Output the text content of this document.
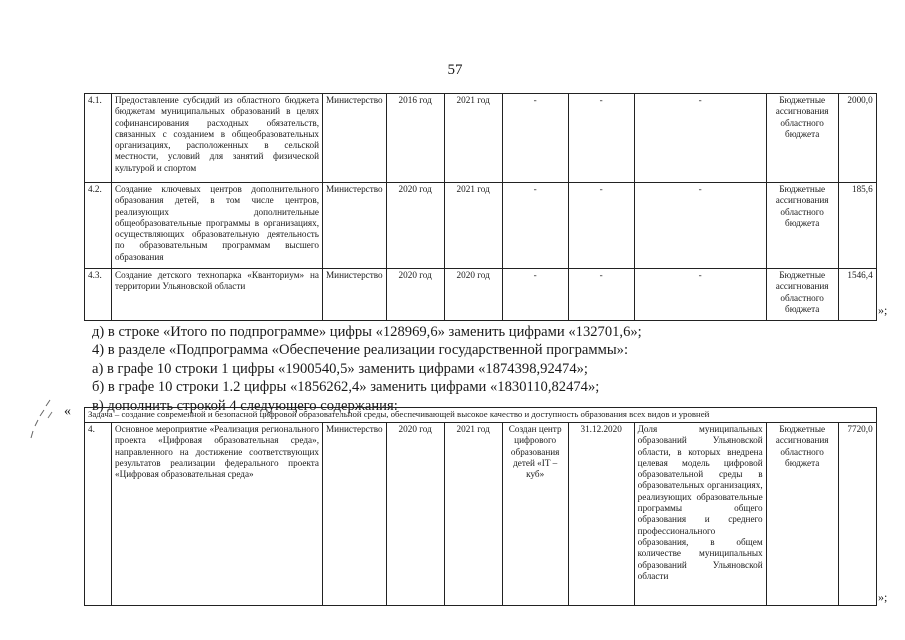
57
4.1.	Предоставление субсидий из областного бюджета бюджетам муниципальных образований в целях софинансирования расходных обязательств, связанных с созданием в общеобразовательных организациях, расположенных в сельской местности, условий для занятий физической культурой и спортом	Министерство	2016 год	2021 год	-	-	-	Бюджетные ассигнования областного бюджета	2000,0
4.2.	Создание ключевых центров дополнительного образования детей, в том числе центров, реализующих дополнительные общеобразовательные программы в организациях, осуществляющих образовательную деятельность по образовательным программам высшего образования	Министерство	2020 год	2021 год	-	-	-	Бюджетные ассигнования областного бюджета	185,6
4.3.	Создание детского технопарка «Кванториум» на территории Ульяновской области	Министерство	2020 год	2020 год	-	-	-	Бюджетные ассигнования областного бюджета	1546,4
»;
д) в строке «Итого по подпрограмме» цифры «128969,6» заменить цифрами «132701,6»;
4) в разделе «Подпрограмма «Обеспечение реализации государственной программы»:
а) в графе 10 строки 1 цифры «1900540,5» заменить цифрами «1874398,92474»;
б) в графе 10 строки 1.2 цифры «1856262,4» заменить цифрами «1830110,82474»;
в) дополнить строкой 4 следующего содержания:
« Задача – создание современной и безопасной цифровой образовательной среды, обеспечивающей высокое качество и доступность образования всех видов и уровней
4.	Основное мероприятие «Реализация регионального проекта «Цифровая образовательная среда», направленного на достижение соответствующих результатов реализации федерального проекта «Цифровая образовательная среда»	Министерство	2020 год	2021 год	Создан центр цифрового образования детей «IT – куб»	31.12.2020	Доля муниципальных образований Ульяновской области, в которых внедрена целевая модель цифровой образовательной среды в образовательных организациях, реализующих образовательные программы общего образования и среднего профессионального образования, в общем количестве муниципальных образований Ульяновской области	Бюджетные ассигнования областного бюджета	7720,0
»;
